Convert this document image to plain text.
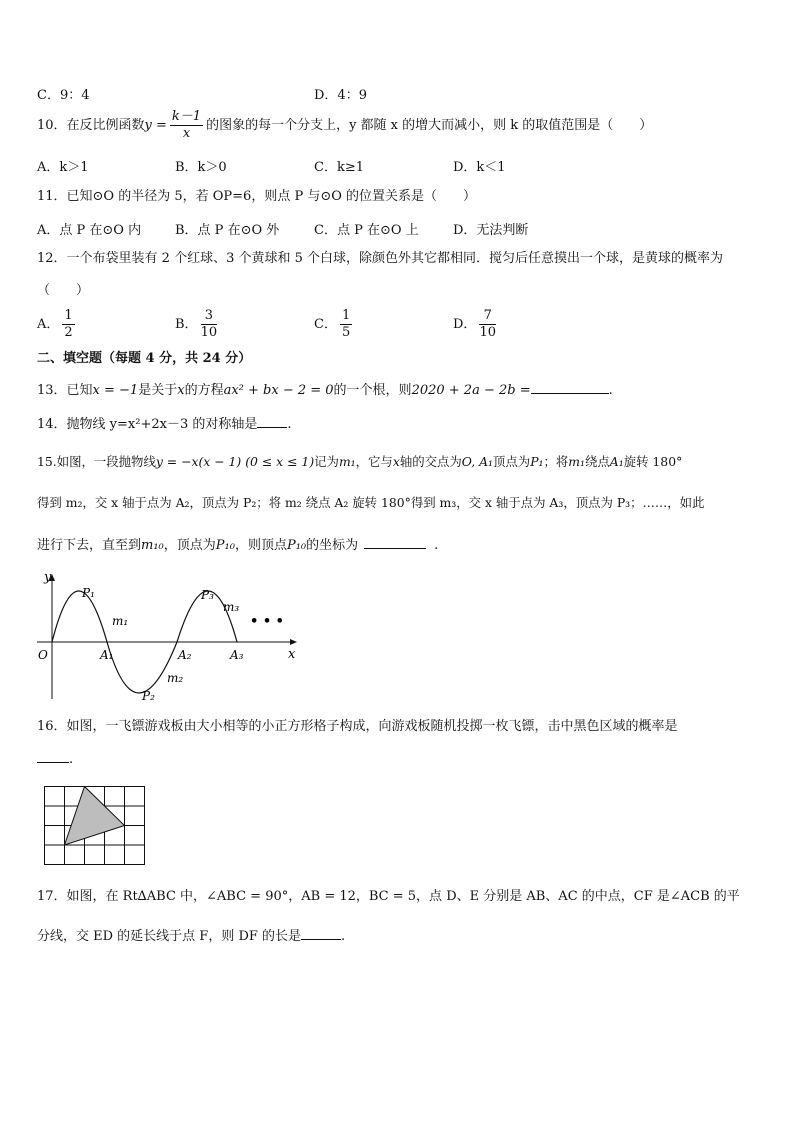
C．9：4	D．4：9
10．在反比例函数$y = \frac{k-1}{x}$ 的图象的每一个分支上，y 都随 x 的增大而减小，则 k 的取值范围是（　　）
A．k＞1	B．k＞0	C．k≥1	D．k＜1
11．已知⊙O 的半径为 5，若 OP=6，则点 P 与⊙O 的位置关系是（　　）
A．点 P 在⊙O 内	B．点 P 在⊙O 外	C．点 P 在⊙O 上	D．无法判断
12．一个布袋里装有 2 个红球、3 个黄球和 5 个白球，除颜色外其它都相同．搅匀后任意摸出一个球，是黄球的概率为
（　　）
A． $\frac{1}{2}$	B． $\frac{3}{10}$	C． $\frac{1}{5}$	D． $\frac{7}{10}$
二、填空题（每题 4 分，共 24 分）
13．已知x = −1是关于x的方程ax² + bx − 2 = 0的一个根，则2020 + 2a − 2b =	.
14．抛物线 y=x²+2x－3 的对称轴是 .
15.如图，一段抛物线y = −x(x − 1) (0 ≤ x ≤ 1)记为m₁，它与x轴的交点为O, A₁顶点为P₁；将m₁绕点A₁旋转 180°
得到 m₂，交 x 轴于点为 A₂，顶点为 P₂；将 m₂ 绕点 A₂ 旋转 180°得到 m₃，交 x 轴于点为 A₃，顶点为 P₃；……，如此
进行下去，直至到m₁₀，顶点为P₁₀，则顶点P₁₀的坐标为	.
y
x
O
P₁
m₁
A₁
P₂
m₂
A₂
P₃
m₃
A₃
• • •
16．如图，一飞镖游戏板由大小相等的小正方形格子构成，向游戏板随机投掷一枚飞镖，击中黑色区域的概率是
.
17．如图，在 Rt∆ABC 中，∠ABC = 90°，AB = 12，BC = 5，点 D、E 分别是 AB、AC 的中点，CF 是∠ACB 的平
分线，交 ED 的延长线于点 F，则 DF 的长是	.
